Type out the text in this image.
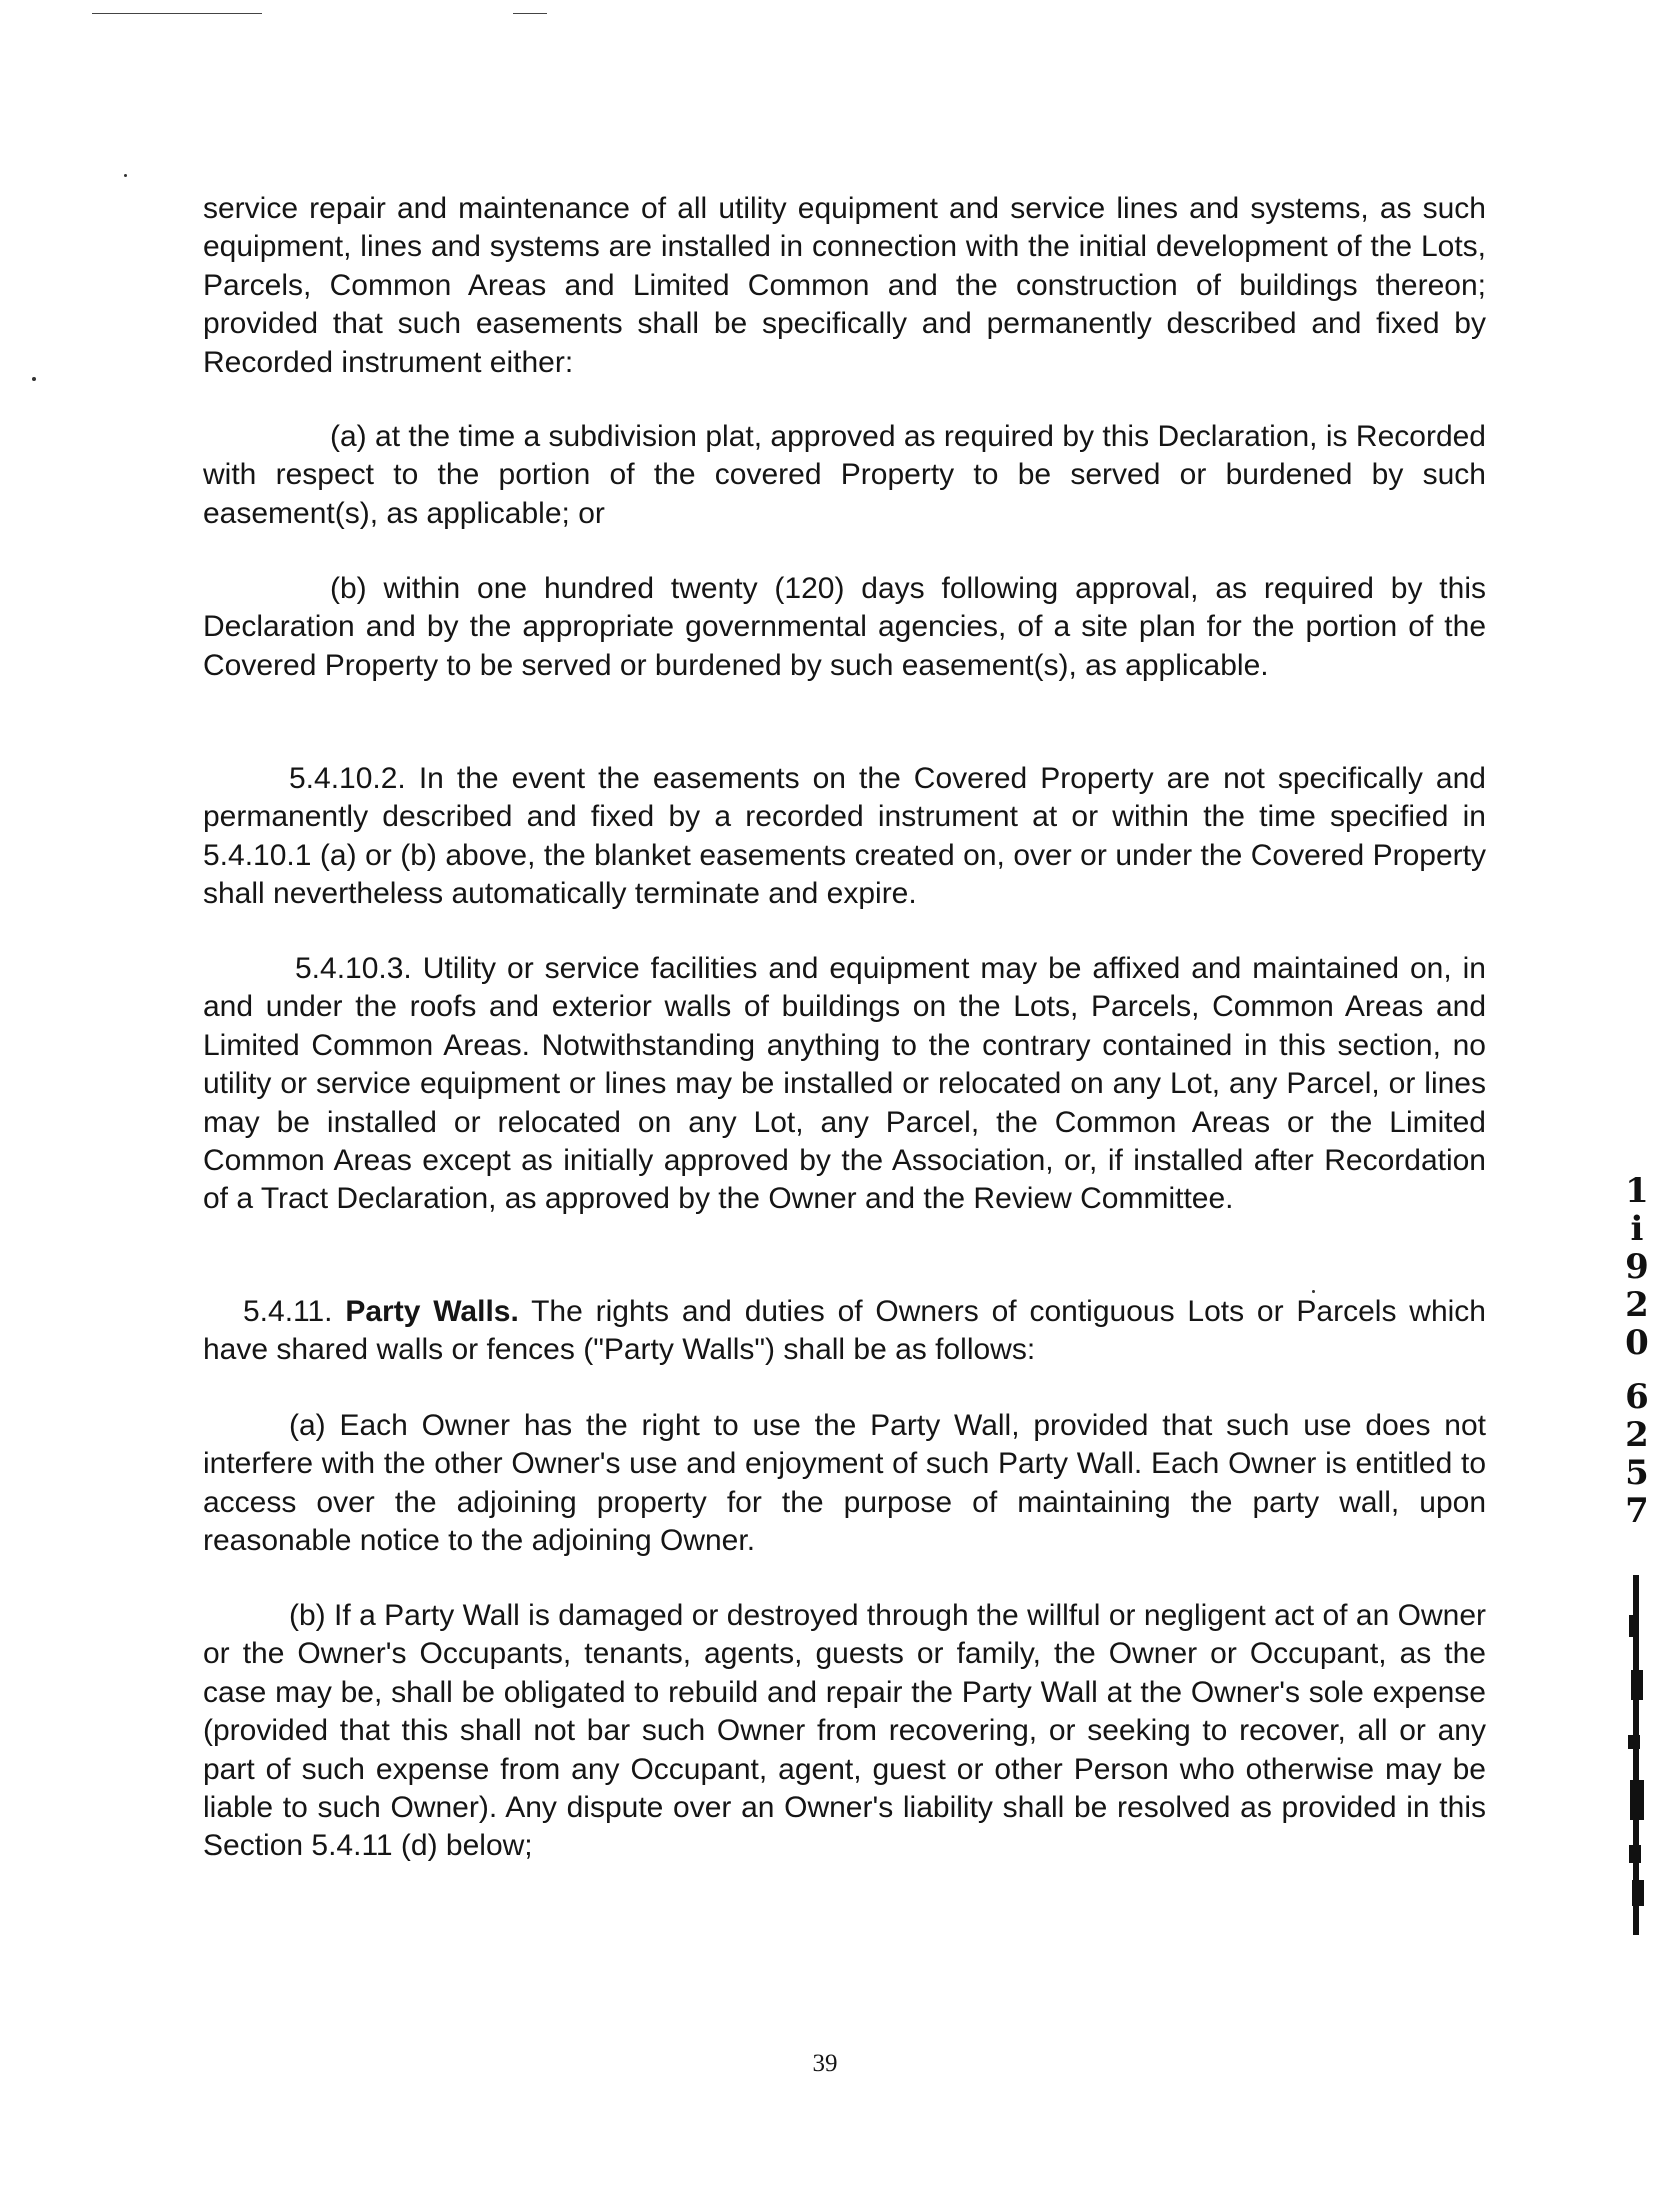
service repair and maintenance of all utility equipment and service lines and systems, as such equipment, lines and systems are installed in connection with the initial development of the Lots, Parcels, Common Areas and Limited Common and the construction of buildings thereon; provided that such easements shall be specifically and permanently described and fixed by Recorded instrument either:

(a) at the time a subdivision plat, approved as required by this Declaration, is Recorded with respect to the portion of the covered Property to be served or burdened by such easement(s), as applicable; or

(b) within one hundred twenty (120) days following approval, as required by this Declaration and by the appropriate governmental agencies, of a site plan for the portion of the Covered Property to be served or burdened by such easement(s), as applicable.

5.4.10.2. In the event the easements on the Covered Property are not specifically and permanently described and fixed by a recorded instrument at or within the time specified in 5.4.10.1 (a) or (b) above, the blanket easements created on, over or under the Covered Property shall nevertheless automatically terminate and expire.

5.4.10.3. Utility or service facilities and equipment may be affixed and maintained on, in and under the roofs and exterior walls of buildings on the Lots, Parcels, Common Areas and Limited Common Areas. Notwithstanding anything to the contrary contained in this section, no utility or service equipment or lines may be installed or relocated on any Lot, any Parcel, or lines may be installed or relocated on any Lot, any Parcel, the Common Areas or the Limited Common Areas except as initially approved by the Association, or, if installed after Recordation of a Tract Declaration, as approved by the Owner and the Review Committee.

5.4.11. Party Walls. The rights and duties of Owners of contiguous Lots or Parcels which have shared walls or fences ("Party Walls") shall be as follows:

(a) Each Owner has the right to use the Party Wall, provided that such use does not interfere with the other Owner's use and enjoyment of such Party Wall. Each Owner is entitled to access over the adjoining property for the purpose of maintaining the party wall, upon reasonable notice to the adjoining Owner.

(b) If a Party Wall is damaged or destroyed through the willful or negligent act of an Owner or the Owner's Occupants, tenants, agents, guests or family, the Owner or Occupant, as the case may be, shall be obligated to rebuild and repair the Party Wall at the Owner's sole expense (provided that this shall not bar such Owner from recovering, or seeking to recover, all or any part of such expense from any Occupant, agent, guest or other Person who otherwise may be liable to such Owner). Any dispute over an Owner's liability shall be resolved as provided in this Section 5.4.11 (d) below;

39
1
i
9
2
0
6
2
5
7
